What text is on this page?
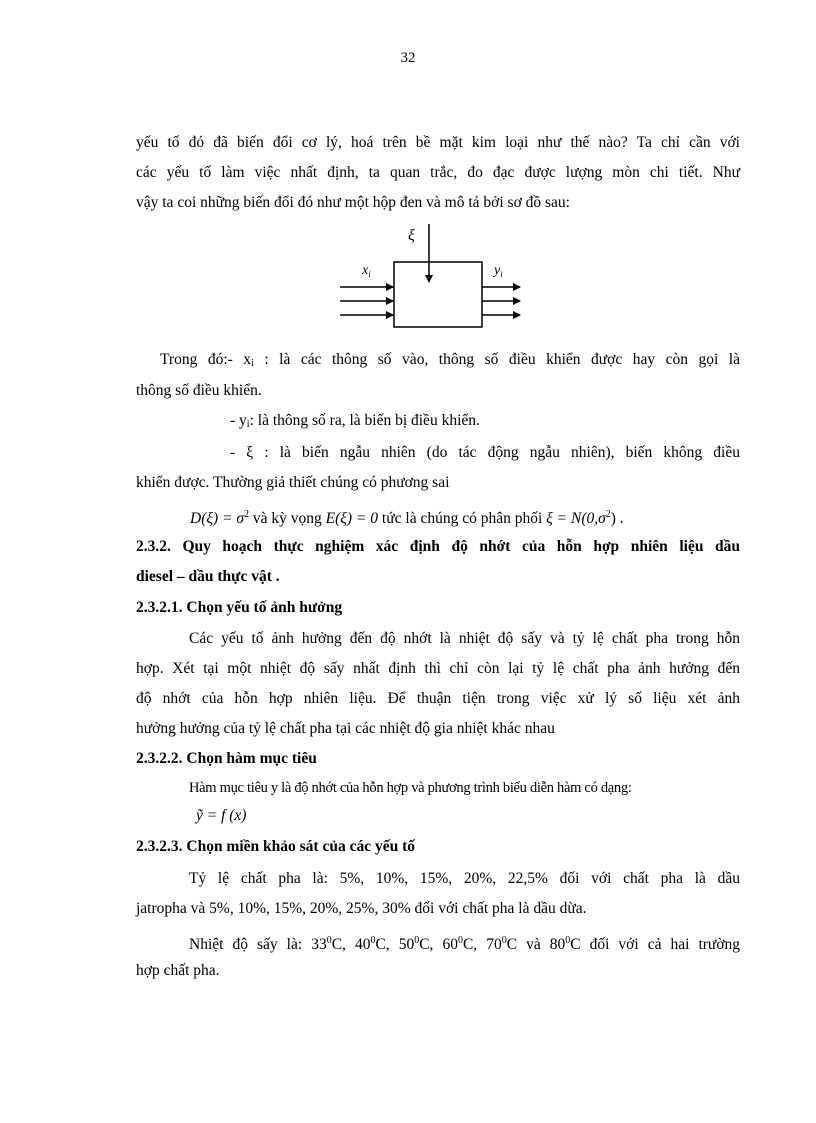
32
yếu tố đó đã biến đổi cơ lý, hoá trên bề mặt kim loại như thế nào? Ta chỉ cần với
các yếu tố làm việc nhất định, ta quan trắc, đo đạc được lượng mòn chi tiết. Như
vậy ta coi những biến đổi đó như một hộp đen và mô tả bởi sơ đồ sau:
ξ
$x_i$	$y_i$
Trong đó:- $x_i$ : là các thông số vào, thông số điều khiển được hay còn gọi là
thông số điều khiển.
- $y_i$: là thông số ra, là biến bị điều khiển.
- ξ : là biến ngẫu nhiên (do tác động ngẫu nhiên), biến không điều
khiển được. Thường giả thiết chúng có phương sai
$D(\xi) = \sigma^2$ và kỳ vọng E(ξ) = 0 tức là chúng có phân phối $\xi = N(0,\sigma^2)$ .
2.3.2. Quy hoạch thực nghiệm xác định độ nhớt của hỗn hợp nhiên liệu dầu
diesel – dầu thực vật .
2.3.2.1. Chọn yếu tố ảnh hưởng
Các yếu tố ảnh hưởng đến độ nhớt là nhiệt độ sấy và tỷ lệ chất pha trong hỗn
hợp. Xét tại một nhiệt độ sấy nhất định thì chỉ còn lại tỷ lệ chất pha ảnh hưởng đến
độ nhớt của hỗn hợp nhiên liệu. Để thuận tiện trong việc xử lý số liệu xét ảnh
hưởng hưởng của tỷ lệ chất pha tại các nhiệt độ gia nhiệt khác nhau
2.3.2.2. Chọn hàm mục tiêu
Hàm mục tiêu y là độ nhớt của hỗn hợp và phương trình biểu diễn hàm có dạng:
ỹ = f (x)
2.3.2.3. Chọn miền khảo sát của các yếu tố
Tỷ lệ chất pha là: 5%, 10%, 15%, 20%, 22,5% đối với chất pha là dầu
jatropha và 5%, 10%, 15%, 20%, 25%, 30% đối với chất pha là dầu dừa.
Nhiệt độ sấy là: $33^0C$, $40^0C$, $50^0C$, $60^0C$, $70^0C$ và $80^0C$ đối với cả hai trường
hợp chất pha.
